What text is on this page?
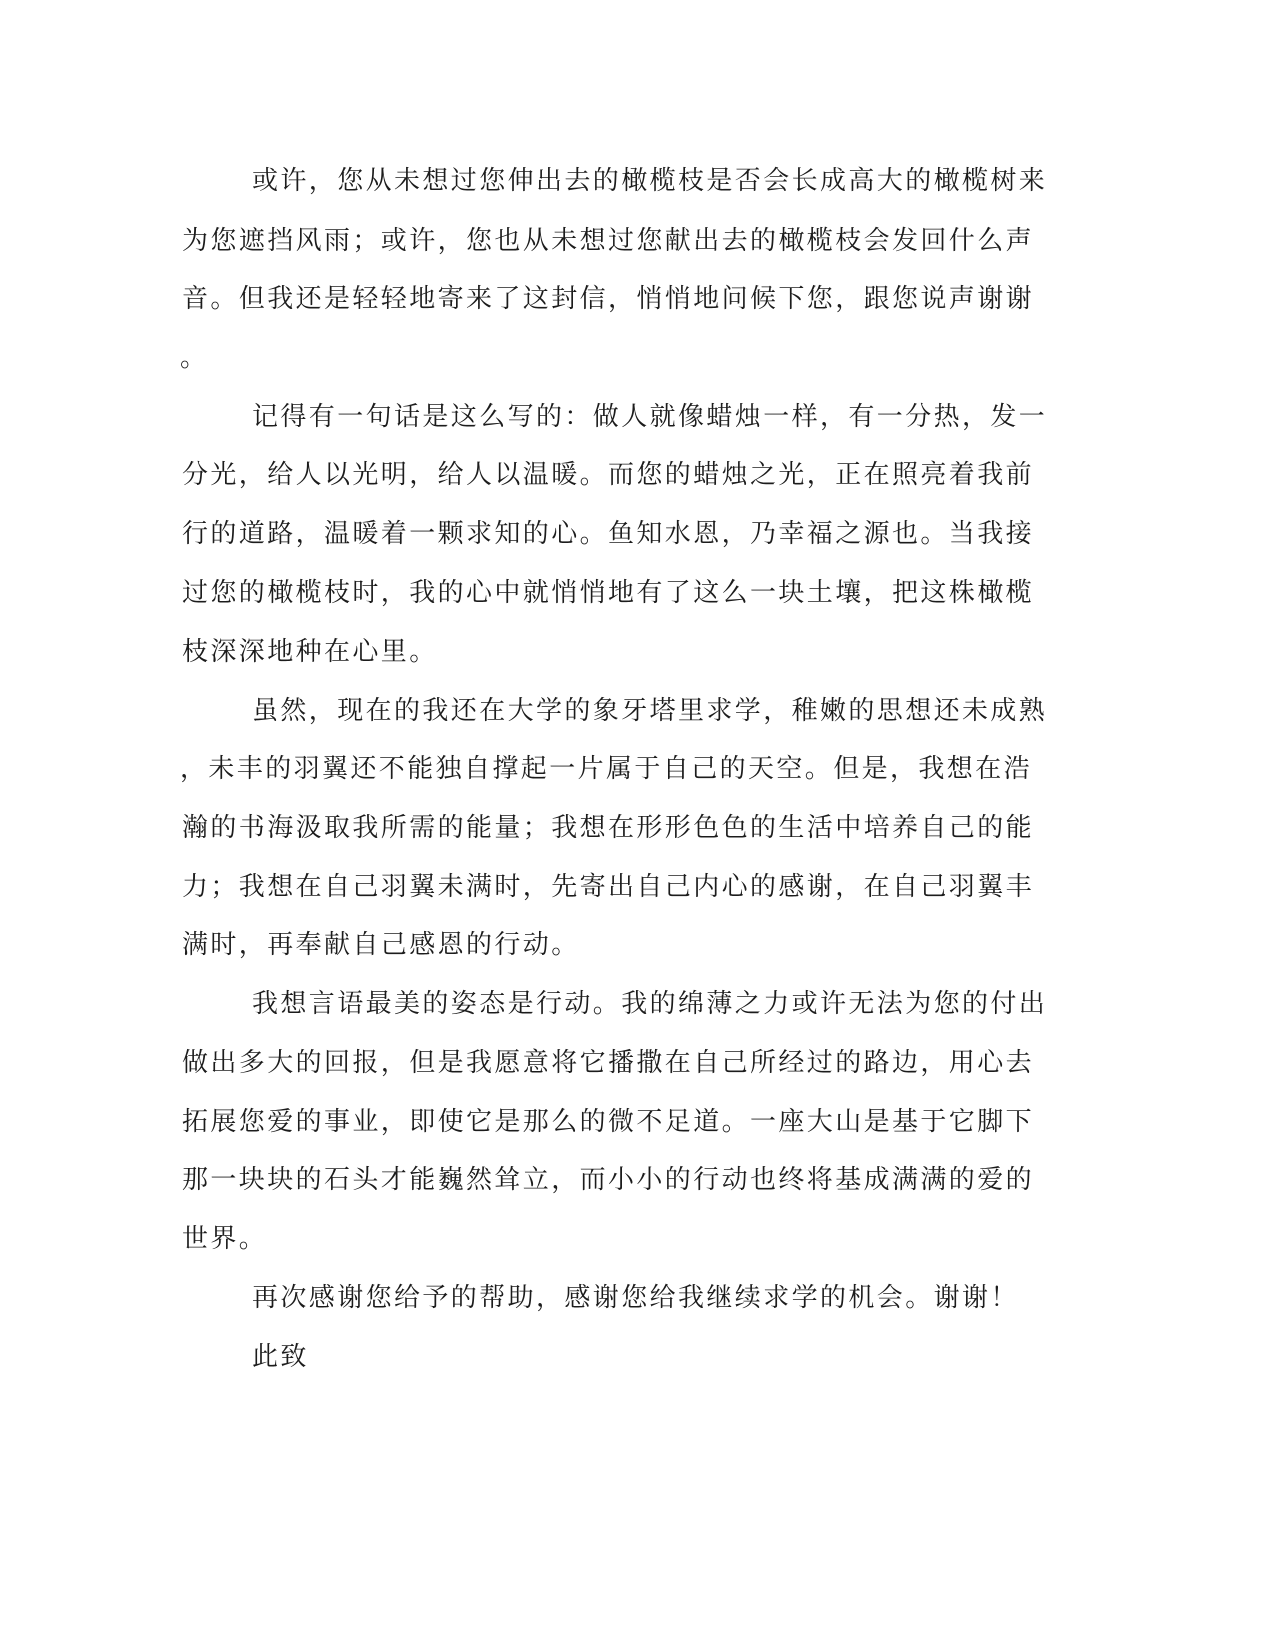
或许，您从未想过您伸出去的橄榄枝是否会长成高大的橄榄树来
为您遮挡风雨；或许，您也从未想过您献出去的橄榄枝会发回什么声
音。但我还是轻轻地寄来了这封信，悄悄地问候下您，跟您说声谢谢
。
记得有一句话是这么写的：做人就像蜡烛一样，有一分热，发一
分光，给人以光明，给人以温暖。而您的蜡烛之光，正在照亮着我前
行的道路，温暖着一颗求知的心。鱼知水恩，乃幸福之源也。当我接
过您的橄榄枝时，我的心中就悄悄地有了这么一块土壤，把这株橄榄
枝深深地种在心里。
虽然，现在的我还在大学的象牙塔里求学，稚嫩的思想还未成熟
，未丰的羽翼还不能独自撑起一片属于自己的天空。但是，我想在浩
瀚的书海汲取我所需的能量；我想在形形色色的生活中培养自己的能
力；我想在自己羽翼未满时，先寄出自己内心的感谢，在自己羽翼丰
满时，再奉献自己感恩的行动。
我想言语最美的姿态是行动。我的绵薄之力或许无法为您的付出
做出多大的回报，但是我愿意将它播撒在自己所经过的路边，用心去
拓展您爱的事业，即使它是那么的微不足道。一座大山是基于它脚下
那一块块的石头才能巍然耸立，而小小的行动也终将基成满满的爱的
世界。
再次感谢您给予的帮助，感谢您给我继续求学的机会。谢谢！
此致
